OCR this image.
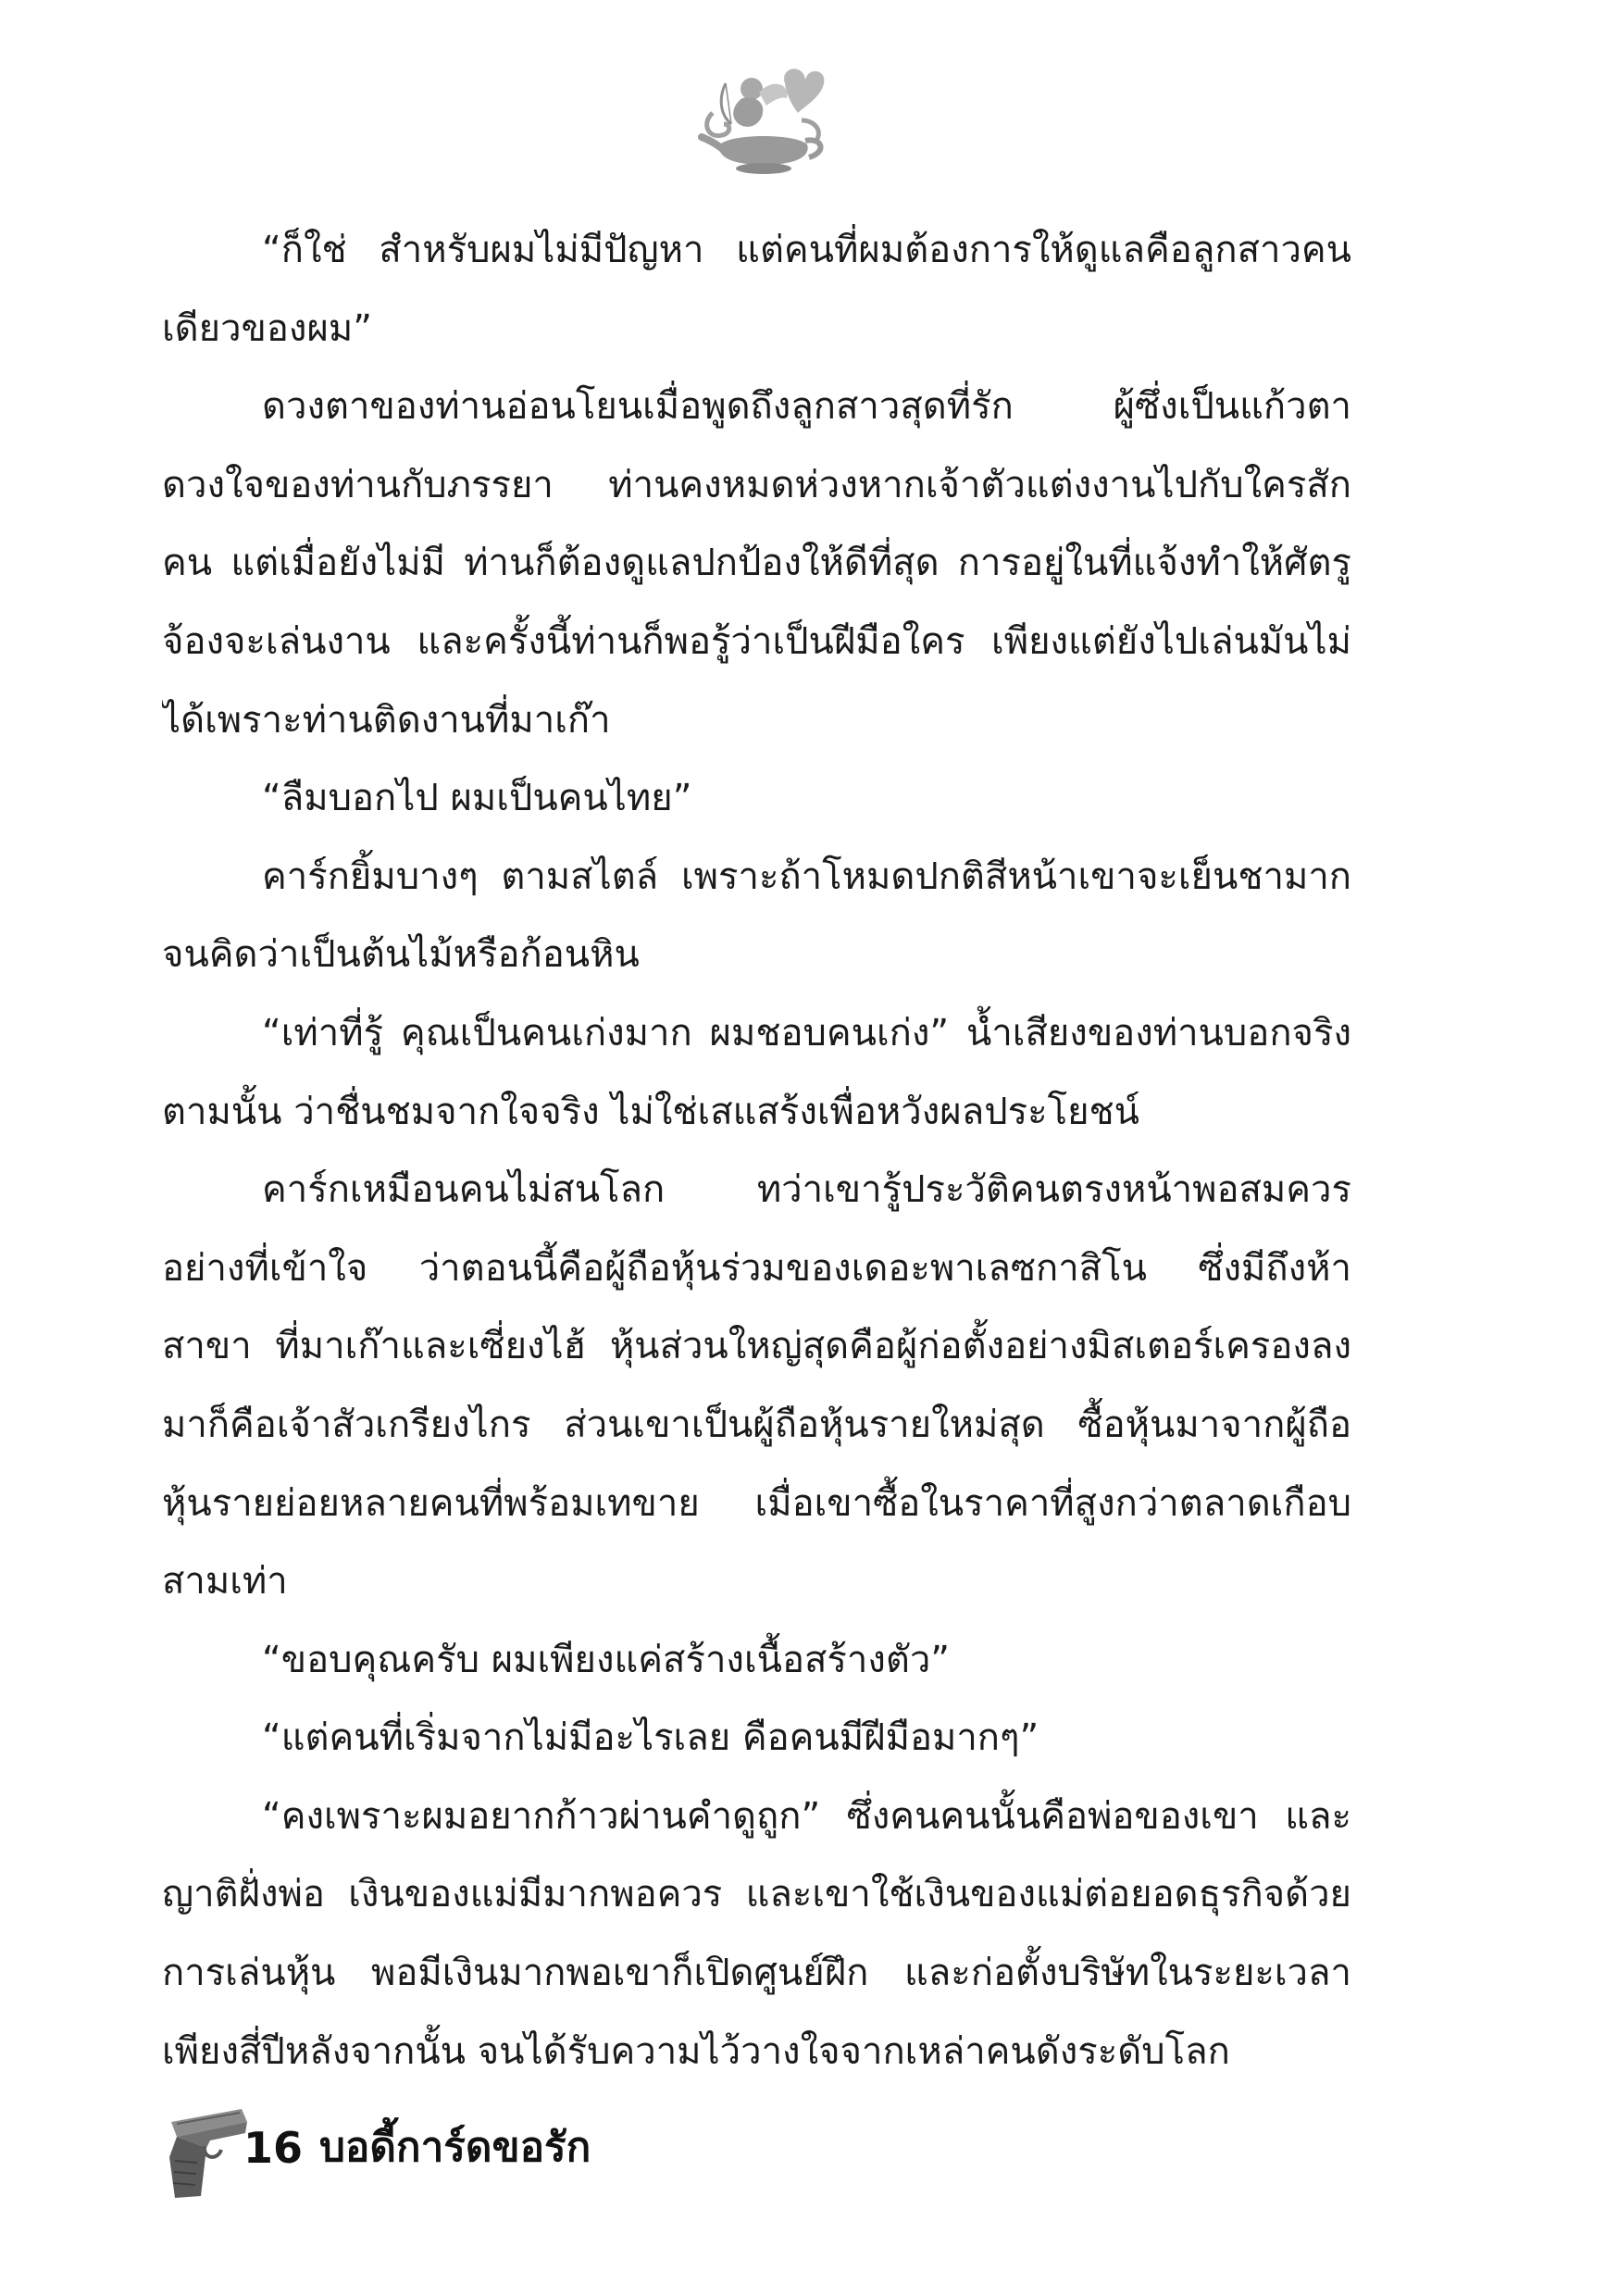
“ก็ใช่ สำหรับผมไม่มีปัญหา แต่คนที่ผมต้องการให้ดูแลคือลูกสาวคนเดียวของผม”

ดวงตาของท่านอ่อนโยนเมื่อพูดถึงลูกสาวสุดที่รัก ผู้ซึ่งเป็นแก้วตาดวงใจของท่านกับภรรยา ท่านคงหมดห่วงหากเจ้าตัวแต่งงานไปกับใครสักคน แต่เมื่อยังไม่มี ท่านก็ต้องดูแลปกป้องให้ดีที่สุด การอยู่ในที่แจ้งทำให้ศัตรูจ้องจะเล่นงาน และครั้งนี้ท่านก็พอรู้ว่าเป็นฝีมือใคร เพียงแต่ยังไปเล่นมันไม่ได้เพราะท่านติดงานที่มาเก๊า

“ลืมบอกไป ผมเป็นคนไทย”

คาร์กยิ้มบางๆ ตามสไตล์ เพราะถ้าโหมดปกติสีหน้าเขาจะเย็นชามากจนคิดว่าเป็นต้นไม้หรือก้อนหิน

“เท่าที่รู้ คุณเป็นคนเก่งมาก ผมชอบคนเก่ง” น้ำเสียงของท่านบอกจริงตามนั้น ว่าชื่นชมจากใจจริง ไม่ใช่เสแสร้งเพื่อหวังผลประโยชน์

คาร์กเหมือนคนไม่สนโลก ทว่าเขารู้ประวัติคนตรงหน้าพอสมควรอย่างที่เข้าใจ ว่าตอนนี้คือผู้ถือหุ้นร่วมของเดอะพาเลซกาสิโน ซึ่งมีถึงห้าสาขา ที่มาเก๊าและเซี่ยงไฮ้ หุ้นส่วนใหญ่สุดคือผู้ก่อตั้งอย่างมิสเตอร์เครองลงมาก็คือเจ้าสัวเกรียงไกร ส่วนเขาเป็นผู้ถือหุ้นรายใหม่สุด ซื้อหุ้นมาจากผู้ถือหุ้นรายย่อยหลายคนที่พร้อมเทขาย เมื่อเขาซื้อในราคาที่สูงกว่าตลาดเกือบสามเท่า

“ขอบคุณครับ ผมเพียงแค่สร้างเนื้อสร้างตัว”

“แต่คนที่เริ่มจากไม่มีอะไรเลย คือคนมีฝีมือมากๆ”

“คงเพราะผมอยากก้าวผ่านคำดูถูก” ซึ่งคนคนนั้นคือพ่อของเขา และญาติฝั่งพ่อ เงินของแม่มีมากพอควร และเขาใช้เงินของแม่ต่อยอดธุรกิจด้วยการเล่นหุ้น พอมีเงินมากพอเขาก็เปิดศูนย์ฝึก และก่อตั้งบริษัทในระยะเวลาเพียงสี่ปีหลังจากนั้น จนได้รับความไว้วางใจจากเหล่าคนดังระดับโลก

16 บอดี้การ์ดขอรัก
